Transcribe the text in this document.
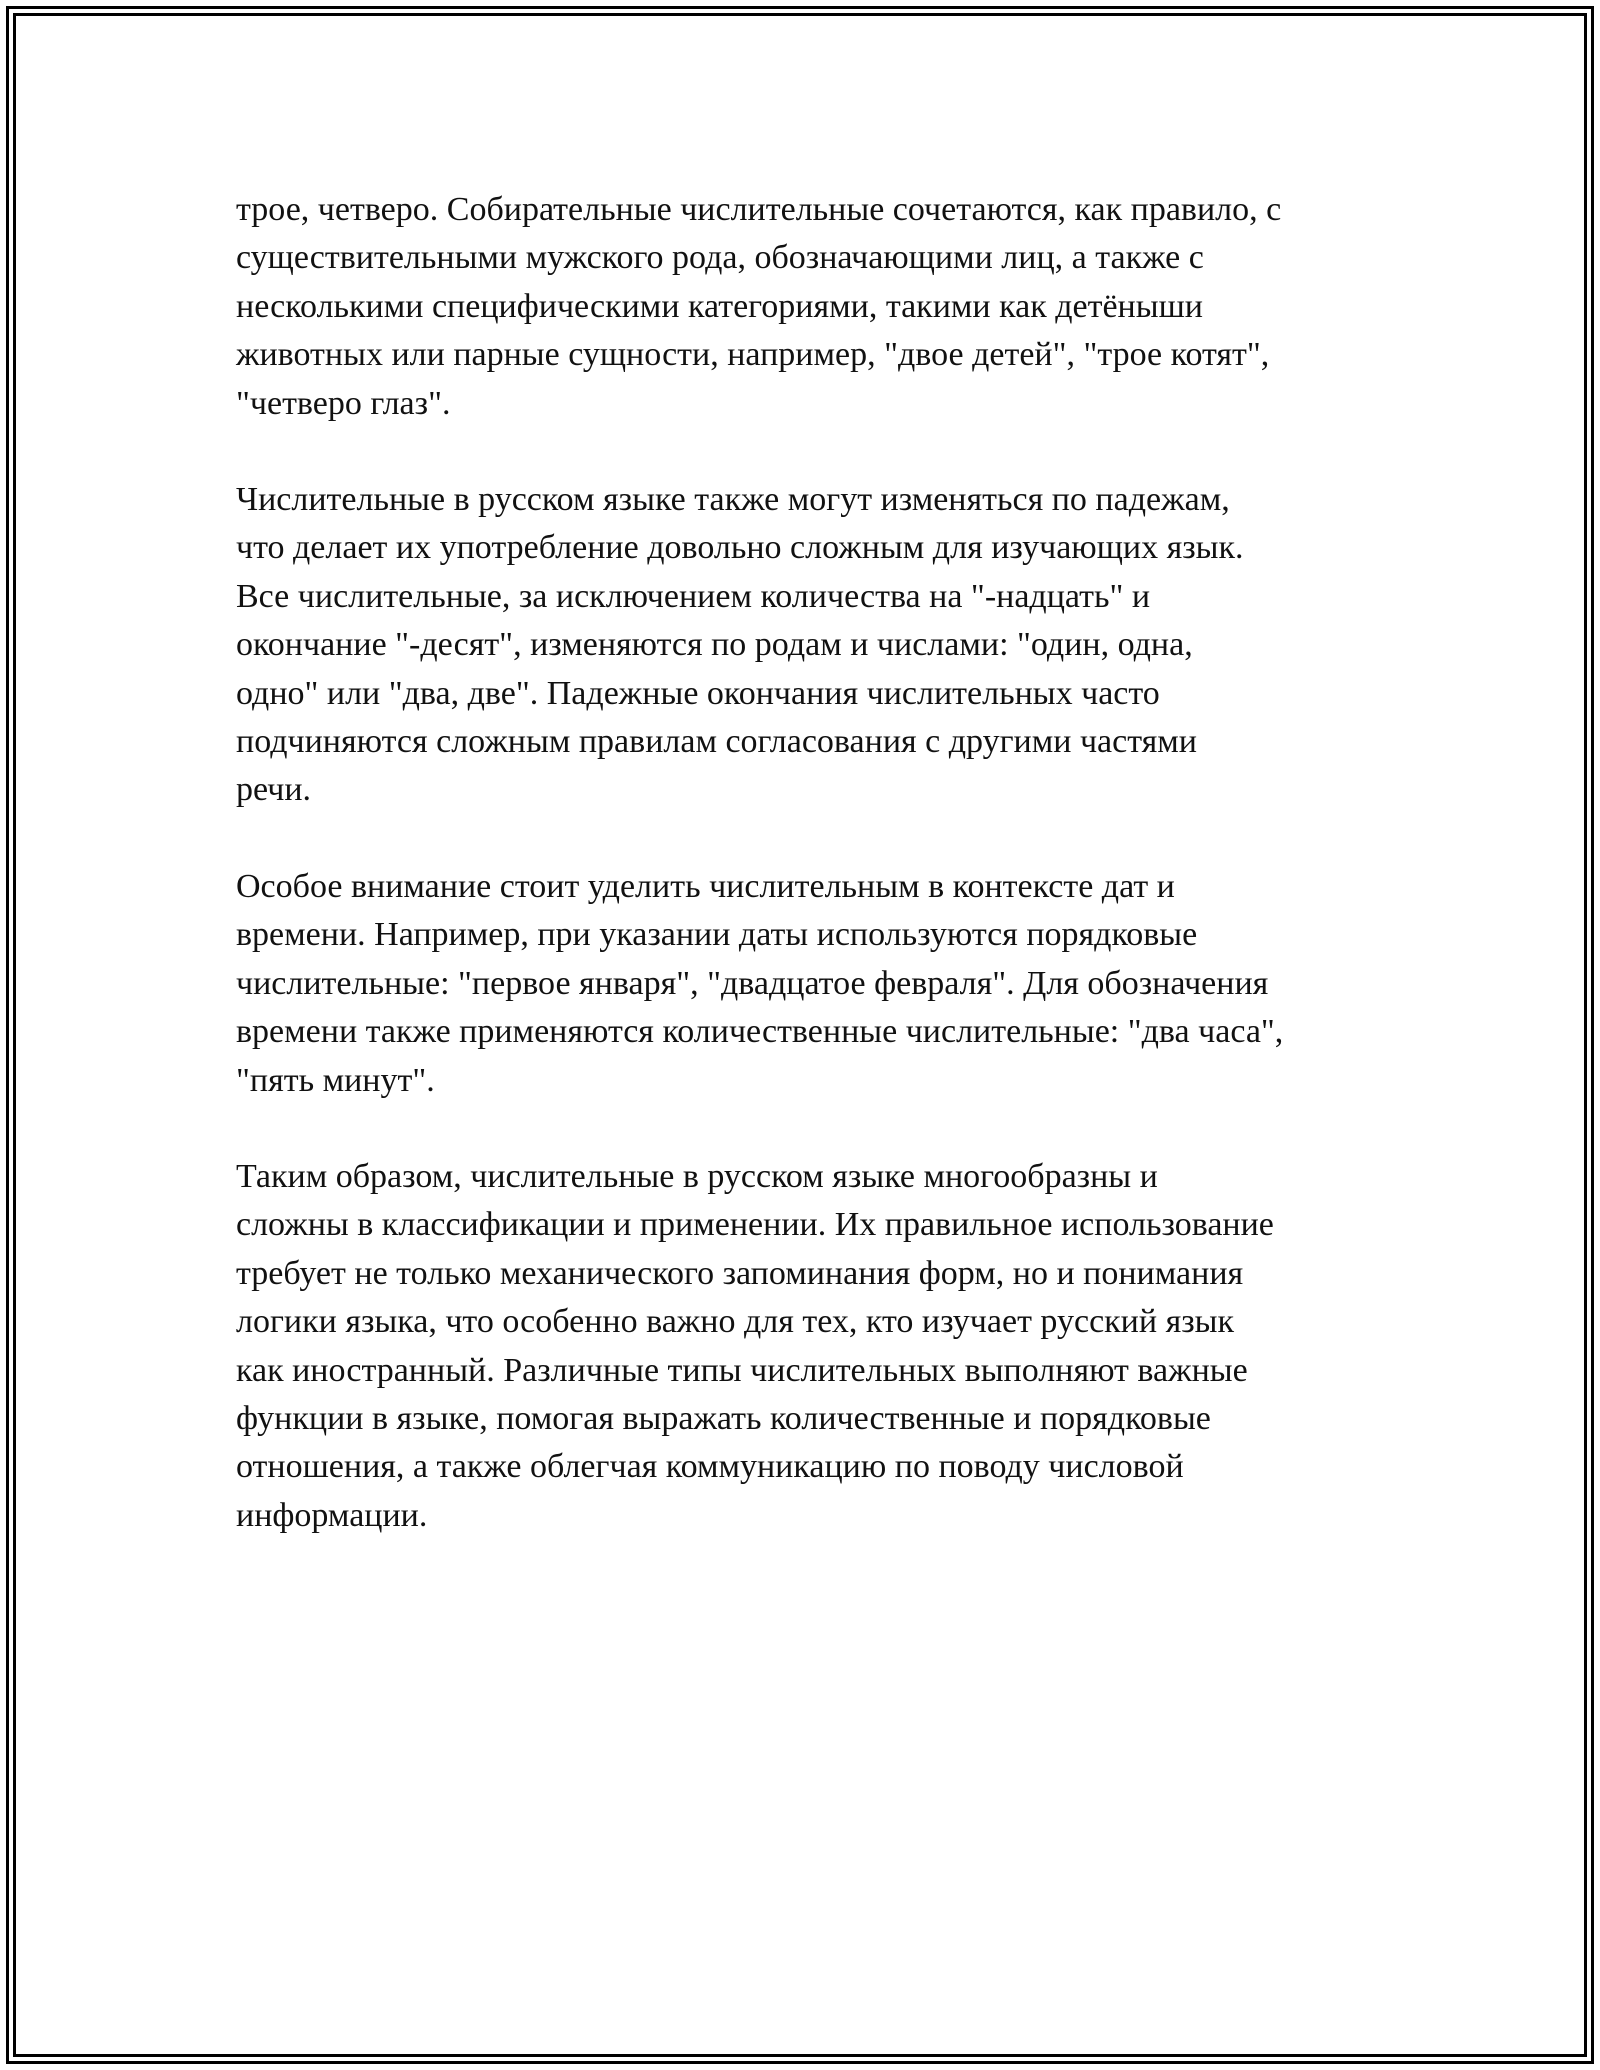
трое, четверо. Собирательные числительные сочетаются, как правило, с
существительными мужского рода, обозначающими лиц, а также с
несколькими специфическими категориями, такими как детёныши
животных или парные сущности, например, "двое детей", "трое котят",
"четверо глаз".

Числительные в русском языке также могут изменяться по падежам,
что делает их употребление довольно сложным для изучающих язык.
Все числительные, за исключением количества на "-надцать" и
окончание "-десят", изменяются по родам и числами: "один, одна,
одно" или "два, две". Падежные окончания числительных часто
подчиняются сложным правилам согласования с другими частями
речи.

Особое внимание стоит уделить числительным в контексте дат и
времени. Например, при указании даты используются порядковые
числительные: "первое января", "двадцатое февраля". Для обозначения
времени также применяются количественные числительные: "два часа",
"пять минут".

Таким образом, числительные в русском языке многообразны и
сложны в классификации и применении. Их правильное использование
требует не только механического запоминания форм, но и понимания
логики языка, что особенно важно для тех, кто изучает русский язык
как иностранный. Различные типы числительных выполняют важные
функции в языке, помогая выражать количественные и порядковые
отношения, а также облегчая коммуникацию по поводу числовой
информации.
